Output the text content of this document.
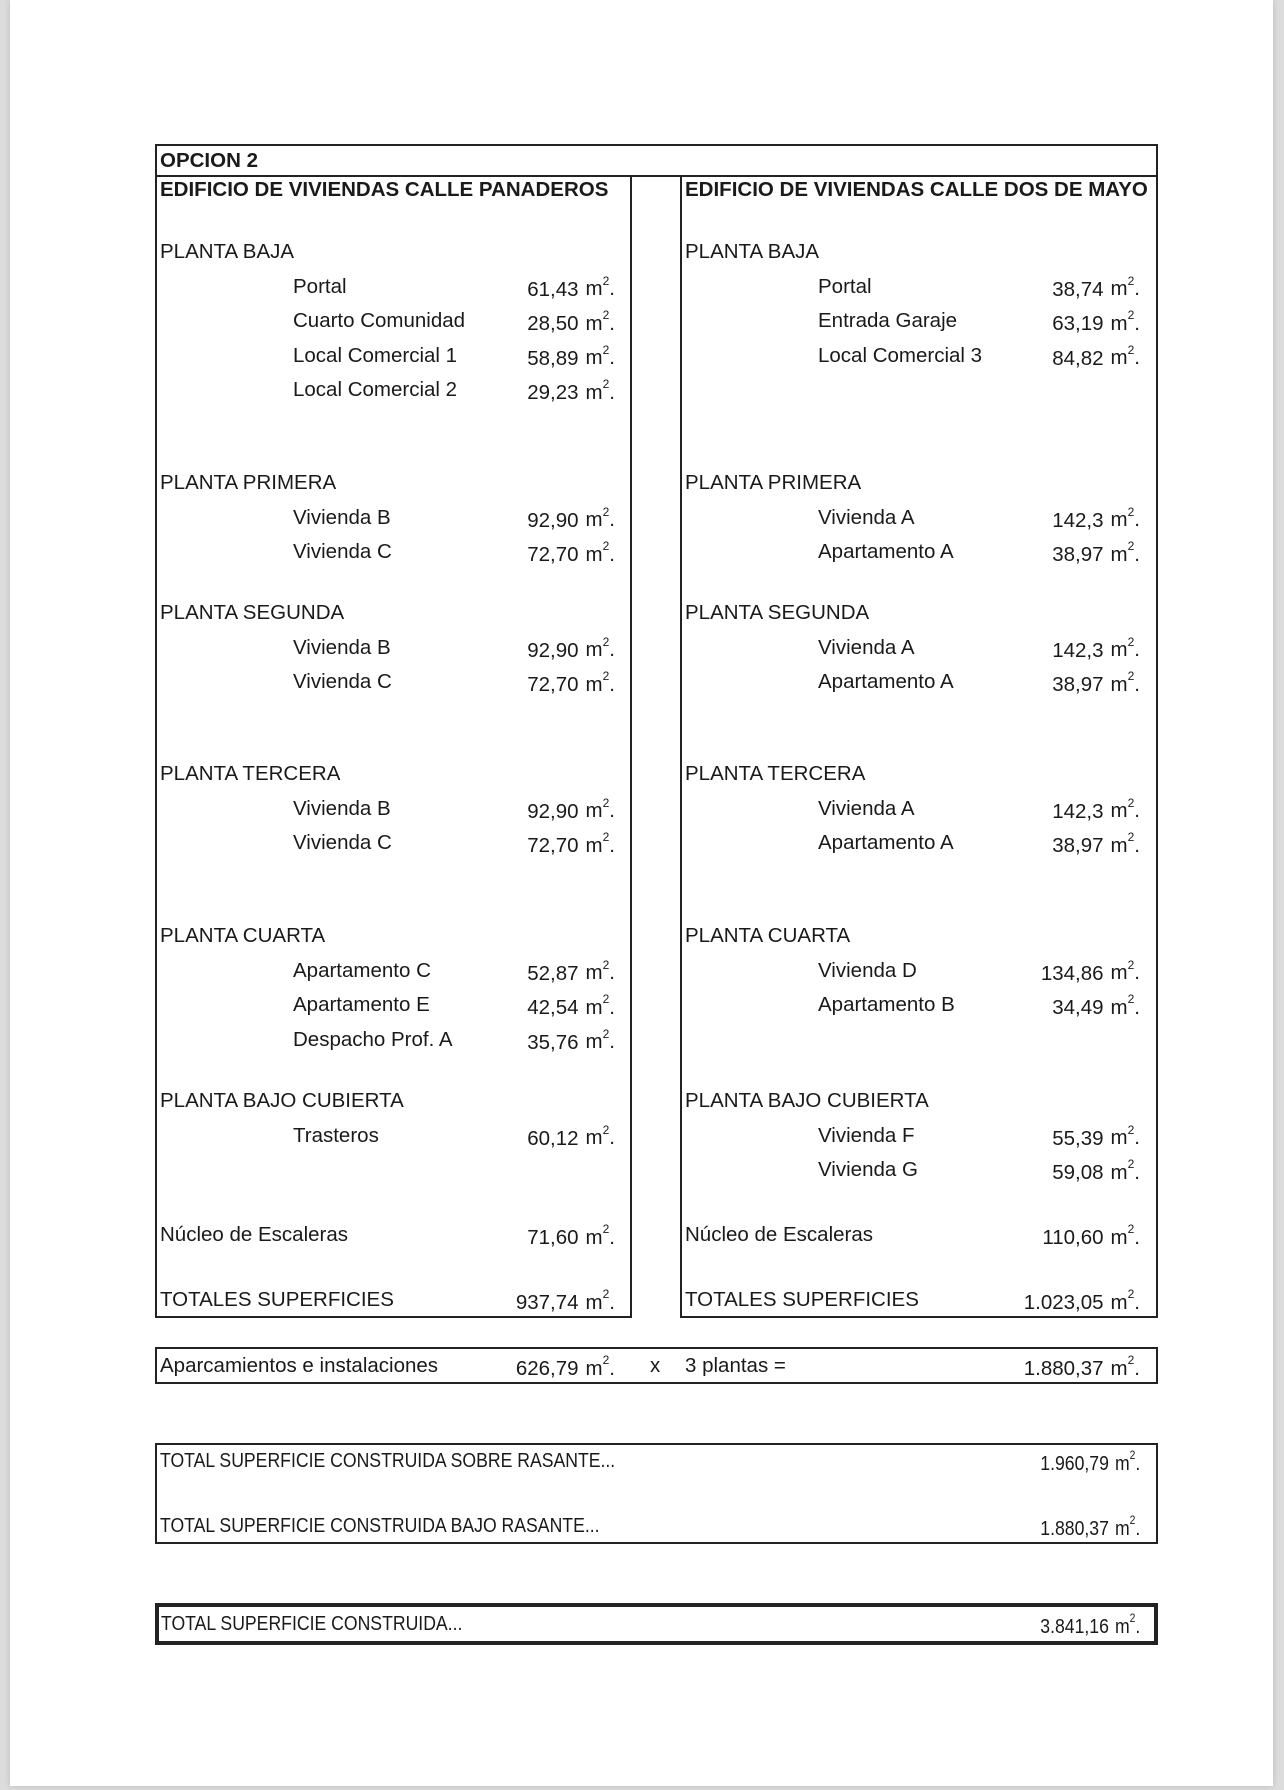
OPCION 2
EDIFICIO DE VIVIENDAS CALLE PANADEROS	EDIFICIO DE VIVIENDAS CALLE DOS DE MAYO
PLANTA BAJA
Portal	61,43 $m^2$.
Cuarto Comunidad	28,50 $m^2$.
Local Comercial 1	58,89 $m^2$.
Local Comercial 2	29,23 $m^2$.
PLANTA PRIMERA
Vivienda B	92,90 $m^2$.
Vivienda C	72,70 $m^2$.
PLANTA SEGUNDA
Vivienda B	92,90 $m^2$.
Vivienda C	72,70 $m^2$.
PLANTA TERCERA
Vivienda B	92,90 $m^2$.
Vivienda C	72,70 $m^2$.
PLANTA CUARTA
Apartamento C	52,87 $m^2$.
Apartamento E	42,54 $m^2$.
Despacho Prof. A	35,76 $m^2$.
PLANTA BAJO CUBIERTA
Trasteros	60,12 $m^2$.
Núcleo de Escaleras	71,60 $m^2$.
TOTALES SUPERFICIES	937,74 $m^2$.
PLANTA BAJA
Portal	38,74 $m^2$.
Entrada Garaje	63,19 $m^2$.
Local Comercial 3	84,82 $m^2$.
PLANTA PRIMERA
Vivienda A	142,3 $m^2$.
Apartamento A	38,97 $m^2$.
PLANTA SEGUNDA
Vivienda A	142,3 $m^2$.
Apartamento A	38,97 $m^2$.
PLANTA TERCERA
Vivienda A	142,3 $m^2$.
Apartamento A	38,97 $m^2$.
PLANTA CUARTA
Vivienda D	134,86 $m^2$.
Apartamento B	34,49 $m^2$.
PLANTA BAJO CUBIERTA
Vivienda F	55,39 $m^2$.
Vivienda G	59,08 $m^2$.
Núcleo de Escaleras	110,60 $m^2$.
TOTALES SUPERFICIES	1.023,05 $m^2$.
Aparcamientos e instalaciones	626,79 $m^2$. x 3 plantas =	1.880,37 $m^2$.
TOTAL SUPERFICIE CONSTRUIDA SOBRE RASANTE...	1.960,79 $m^2$.
TOTAL SUPERFICIE CONSTRUIDA BAJO RASANTE...	1.880,37 $m^2$.
TOTAL SUPERFICIE CONSTRUIDA...	3.841,16 $m^2$.
